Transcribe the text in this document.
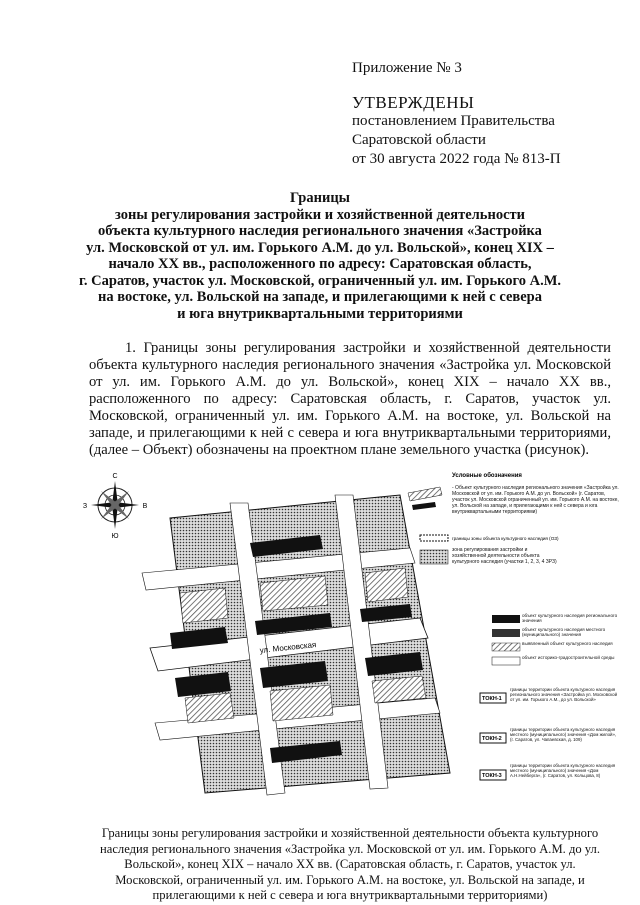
Приложение № 3
УТВЕРЖДЕНЫ
постановлением Правительства
Саратовской области
от 30 августа 2022 года № 813-П
Границы
зоны регулирования застройки и хозяйственной деятельности
объекта культурного наследия регионального значения «Застройка
ул. Московской от ул. им. Горького А.М. до ул. Вольской», конец XIX –
начало XX вв., расположенного по адресу: Саратовская область,
г. Саратов, участок ул. Московской, ограниченный ул. им. Горького А.М.
на востоке, ул. Вольской на западе, и прилегающими к ней с севера
и юга внутриквартальными территориями
1. Границы зоны регулирования застройки и хозяйственной деятельности объекта культурного наследия регионального значения «Застройка ул. Московской от ул. им. Горького А.М. до ул. Вольской», конец XIX – начало XX вв., расположенного по адресу: Саратовская область, г. Саратов, участок ул. Московской, ограниченный ул. им. Горького А.М. на востоке, ул. Вольской на западе, и прилегающими к ней с севера и юга внутриквартальными территориями, (далее – Объект) обозначены на проектном плане земельного участка (рисунок).
С
Ю
З	В
ул. Московская
Условные обозначения
- Объект культурного наследия регионального значения «Застройка ул. Московской от ул. им. Горького А.М. до ул. Вольской» (г. Саратов, участок ул. Московской ограниченный ул. им. Горького А.М. на востоке, ул. Вольской на западе, и прилегающими к ней с севера и юга внутриквартальными территориями)
границы зоны объекта культурного наследия (ОЗ)
зона регулирования застройки и хозяйственной деятельности объекта культурного наследия (участки 1, 2, 3, 4 ЗРЗ)
объект культурного наследия регионального значения
объект культурного наследия местного (муниципального) значения
выявленный объект культурного наследия
объект историко-градостроительной среды
ТОКН-1
границы территории объекта культурного наследия регионального значения «Застройка ул. Московской от ул. им. Горького А.М., до ул. Вольской»
ТОКН-2
границы территории объекта культурного наследия местного (муниципального) значения «Дом жилой», (г. Саратов, ул. Чапаевская, д. 109)
ТОКН-3
границы территории объекта культурного наследия местного (муниципального) значения «Дом А.Н.Нейберга», (г. Саратов, ул. Кольцова, 8)
Границы зоны регулирования застройки и хозяйственной деятельности объекта культурного наследия регионального значения «Застройка ул. Московской от ул. им. Горького А.М. до ул. Вольской», конец XIX – начало XX вв. (Саратовская область, г. Саратов, участок ул. Московской, ограниченный ул. им. Горького А.М. на востоке, ул. Вольской на западе, и прилегающими к ней с севера и юга внутриквартальными территориями)
